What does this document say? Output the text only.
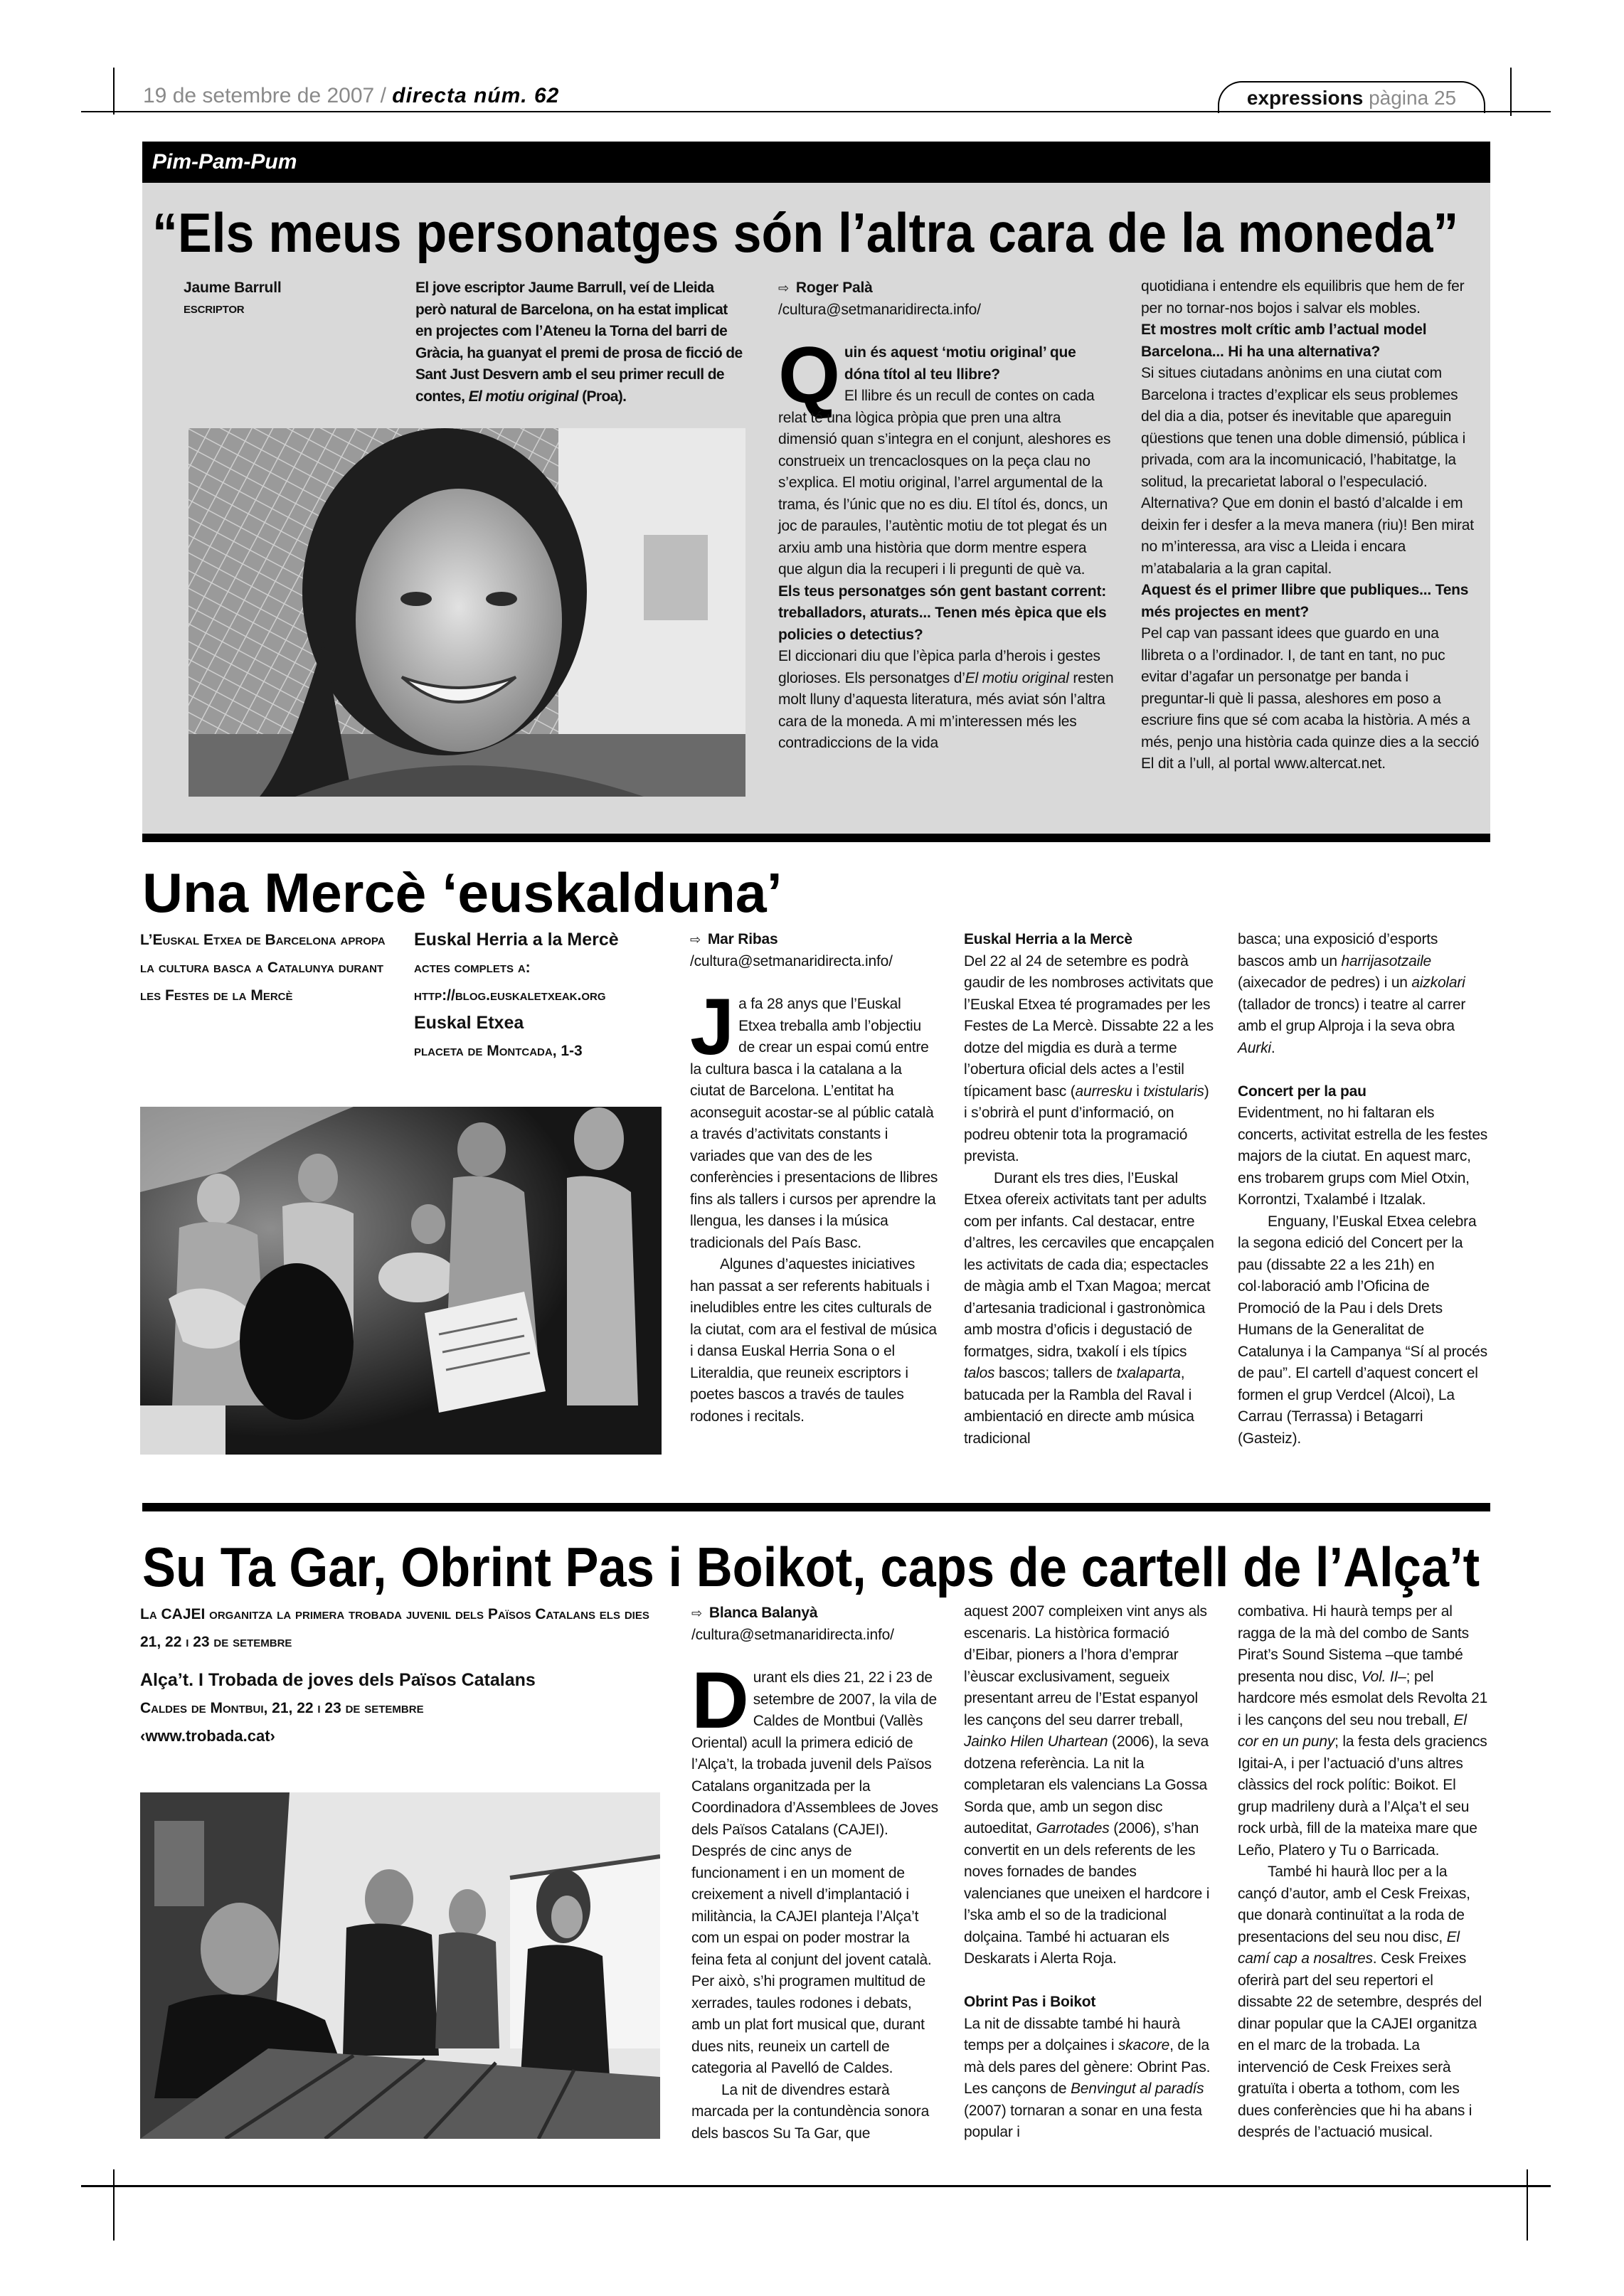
19 de setembre de 2007 / directa núm. 62	expressions pàgina 25
Pim-Pam-Pum
“Els meus personatges són l’altra cara de la moneda”
Jaume Barrull
ESCRIPTOR
El jove escriptor Jaume Barrull, veí de Lleida però natural de Barcelona, on ha estat implicat en projectes com l’Ateneu la Torna del barri de Gràcia, ha guanyat el premi de prosa de ficció de Sant Just Desvern amb el seu primer recull de contes, El motiu original (Proa).
⇨ Roger Palà
/cultura@setmanaridirecta.info/

Quin és aquest ‘motiu original’ que dóna títol al teu llibre?

El llibre és un recull de contes on cada relat té una lògica pròpia que pren una altra dimensió quan s’integra en el conjunt, aleshores es construeix un trencaclosques on la peça clau no s’explica. El motiu original, l’arrel argumental de la trama, és l’únic que no es diu. El títol és, doncs, un joc de paraules, l’autèntic motiu de tot plegat és un arxiu amb una història que dorm mentre espera que algun dia la recuperi i li pregunti de què va.

Els teus personatges són gent bastant corrent: treballadors, aturats... Tenen més èpica que els policies o detectius?

El diccionari diu que l’èpica parla d’herois i gestes glorioses. Els personatges d’El motiu original resten molt lluny d’aquesta literatura, més aviat són l’altra cara de la moneda. A mi m’interessen més les contradiccions de la vida

quotidiana i entendre els equilibris que hem de fer per no tornar-nos bojos i salvar els mobles.

Et mostres molt crític amb l’actual model Barcelona... Hi ha una alternativa?

Si situes ciutadans anònims en una ciutat com Barcelona i tractes d’explicar els seus problemes del dia a dia, potser és inevitable que apareguin qüestions que tenen una doble dimensió, pública i privada, com ara la incomunicació, l’habitatge, la solitud, la precarietat laboral o l’especulació. Alternativa? Que em donin el bastó d’alcalde i em deixin fer i desfer a la meva manera (riu)! Ben mirat no m’interessa, ara visc a Lleida i encara m’atabalaria a la gran capital.

Aquest és el primer llibre que publiques... Tens més projectes en ment?

Pel cap van passant idees que guardo en una llibreta o a l’ordinador. I, de tant en tant, no puc evitar d’agafar un personatge per banda i preguntar-li què li passa, aleshores em poso a escriure fins que sé com acaba la història. A més a més, penjo una història cada quinze dies a la secció El dit a l’ull, al portal www.altercat.net.

Una Mercè ‘euskalduna’
L’Euskal Etxea de Barcelona apropa la cultura basca a Catalunya durant les Festes de la Mercè
Euskal Herria a la Mercè
actes complets a:
http://blog.euskaletxeak.org
Euskal Etxea
placeta de Montcada, 1-3
⇨ Mar Ribas
/cultura@setmanaridirecta.info/

Ja fa 28 anys que l’Euskal Etxea treballa amb l’objectiu de crear un espai comú entre la cultura basca i la catalana a la ciutat de Barcelona. L’entitat ha aconseguit acostar-se al públic català a través d’activitats constants i variades que van des de les conferències i presentacions de llibres fins als tallers i cursos per aprendre la llengua, les danses i la música tradicionals del País Basc.

Algunes d’aquestes iniciatives han passat a ser referents habituals i ineludibles entre les cites culturals de la ciutat, com ara el festival de música i dansa Euskal Herria Sona o el Literaldia, que reuneix escriptors i poetes bascos a través de taules rodones i recitals.

Euskal Herria a la Mercè

Del 22 al 24 de setembre es podrà gaudir de les nombroses activitats que l’Euskal Etxea té programades per les Festes de La Mercè. Dissabte 22 a les dotze del migdia es durà a terme l’obertura oficial dels actes a l’estil típicament basc (aurresku i txistularis) i s’obrirà el punt d’informació, on podreu obtenir tota la programació prevista.

Durant els tres dies, l’Euskal Etxea ofereix activitats tant per adults com per infants. Cal destacar, entre d’altres, les cercaviles que encapçalen les activitats de cada dia; espectacles de màgia amb el Txan Magoa; mercat d’artesania tradicional i gastronòmica amb mostra d’oficis i degustació de formatges, sidra, txakolí i els típics talos bascos; tallers de txalaparta, batucada per la Rambla del Raval i ambientació en directe amb música tradicional

basca; una exposició d’esports bascos amb un harrijasotzaile (aixecador de pedres) i un aizkolari (tallador de troncs) i teatre al carrer amb el grup Alproja i la seva obra Aurki.

Concert per la pau

Evidentment, no hi faltaran els concerts, activitat estrella de les festes majors de la ciutat. En aquest marc, ens trobarem grups com Miel Otxin, Korrontzi, Txalambé i Itzalak.

Enguany, l’Euskal Etxea celebra la segona edició del Concert per la pau (dissabte 22 a les 21h) en col·laboració amb l’Oficina de Promoció de la Pau i dels Drets Humans de la Generalitat de Catalunya i la Campanya “Sí al procés de pau”. El cartell d’aquest concert el formen el grup Verdcel (Alcoi), La Carrau (Terrassa) i Betagarri (Gasteiz).

Su Ta Gar, Obrint Pas i Boikot, caps de cartell de l’Alça’t
La CAJEI organitza la primera trobada juvenil dels Països Catalans els dies 21, 22 i 23 de setembre
Alça’t. I Trobada de joves dels Països Catalans
Caldes de Montbui, 21, 22 i 23 de setembre
‹www.trobada.cat›
⇨ Blanca Balanyà
/cultura@setmanaridirecta.info/

Durant els dies 21, 22 i 23 de setembre de 2007, la vila de Caldes de Montbui (Vallès Oriental) acull la primera edició de l’Alça’t, la trobada juvenil dels Països Catalans organitzada per la Coordinadora d’Assemblees de Joves dels Països Catalans (CAJEI). Després de cinc anys de funcionament i en un moment de creixement a nivell d’implantació i militància, la CAJEI planteja l’Alça’t com un espai on poder mostrar la feina feta al conjunt del jovent català. Per això, s’hi programen multitud de xerrades, taules rodones i debats, amb un plat fort musical que, durant dues nits, reuneix un cartell de categoria al Pavelló de Caldes.

La nit de divendres estarà marcada per la contundència sonora dels bascos Su Ta Gar, que

aquest 2007 compleixen vint anys als escenaris. La històrica formació d’Eibar, pioners a l’hora d’emprar l’èuscar exclusivament, segueix presentant arreu de l’Estat espanyol les cançons del seu darrer treball, Jainko Hilen Uhartean (2006), la seva dotzena referència. La nit la completaran els valencians La Gossa Sorda que, amb un segon disc autoeditat, Garrotades (2006), s’han convertit en un dels referents de les noves fornades de bandes valencianes que uneixen el hardcore i l’ska amb el so de la tradicional dolçaina. També hi actuaran els Deskarats i Alerta Roja.

Obrint Pas i Boikot

La nit de dissabte també hi haurà temps per a dolçaines i skacore, de la mà dels pares del gènere: Obrint Pas. Les cançons de Benvingut al paradís (2007) tornaran a sonar en una festa popular i

combativa. Hi haurà temps per al ragga de la mà del combo de Sants Pirat’s Sound Sistema –que també presenta nou disc, Vol. II–; pel hardcore més esmolat dels Revolta 21 i les cançons del seu nou treball, El cor en un puny; la festa dels graciencs Igitai-A, i per l’actuació d’uns altres clàssics del rock polític: Boikot. El grup madrileny durà a l’Alça’t el seu rock urbà, fill de la mateixa mare que Leño, Platero y Tu o Barricada.

També hi haurà lloc per a la cançó d’autor, amb el Cesk Freixas, que donarà continuïtat a la roda de presentacions del seu nou disc, El camí cap a nosaltres. Cesk Freixes oferirà part del seu repertori el dissabte 22 de setembre, després del dinar popular que la CAJEI organitza en el marc de la trobada. La intervenció de Cesk Freixes serà gratuïta i oberta a tothom, com les dues conferències que hi ha abans i després de l’actuació musical.
